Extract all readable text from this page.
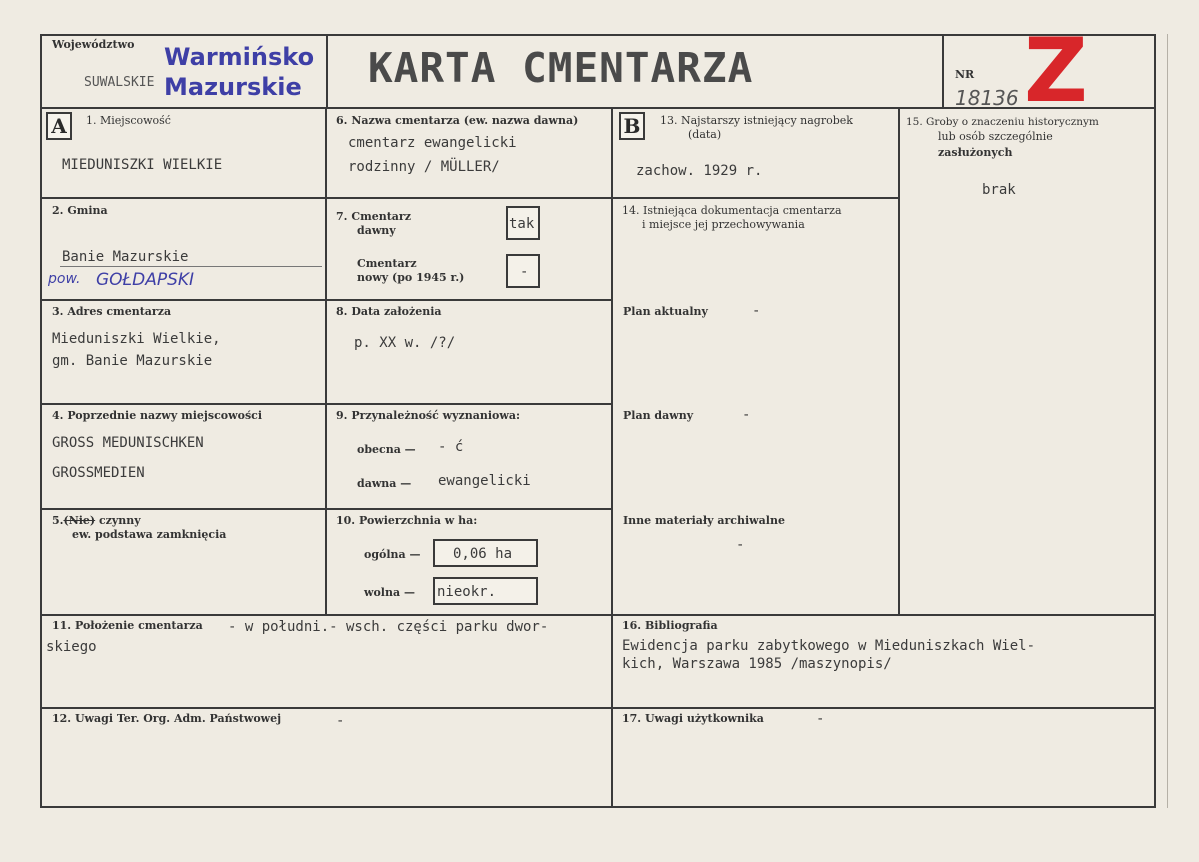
Województwo
SUWALSKIE
Warmińsko
Mazurskie KARTA CMENTARZA	NR
18136 Z
A	1. Miejscowość
MIEDUNISZKI WIELKIE
2. Gmina
Banie Mazurskie
pow. GOŁDAPSKI
3. Adres cmentarza
Mieduniszki Wielkie,
gm. Banie Mazurskie
4. Poprzednie nazwy miejscowości
GROSS MEDUNISCHKEN
GROSSMEDIEN
5.(Nie) czynny
ew. podstawa zamknięcia
6. Nazwa cmentarza (ew. nazwa dawna)
cmentarz ewangelicki
rodzinny / MÜLLER/
7. Cmentarz
dawny	tak
Cmentarz
nowy (po 1945 r.)	-
8. Data założenia
p. XX w. /?/
9. Przynależność wyznaniowa:
obecna — - ć
dawna — ewangelicki
10. Powierzchnia w ha:
ogólna — 0,06 ha
wolna — nieokr.
B	13. Najstarszy istniejący nagrobek
(data)
zachow. 1929 r.
14. Istniejąca dokumentacja cmentarza
i miejsce jej przechowywania
Plan aktualny	-
Plan dawny	-
Inne materiały archiwalne
-
15. Groby o znaczeniu historycznym
lub osób szczególnie
zasłużonych
brak
11. Położenie cmentarza - w południ.- wsch. części parku dwor-
skiego
16. Bibliografia
Ewidencja parku zabytkowego w Mieduniszkach Wiel-
kich, Warszawa 1985 /maszynopis/
12. Uwagi Ter. Org. Adm. Państwowej	-	17. Uwagi użytkownika	-
